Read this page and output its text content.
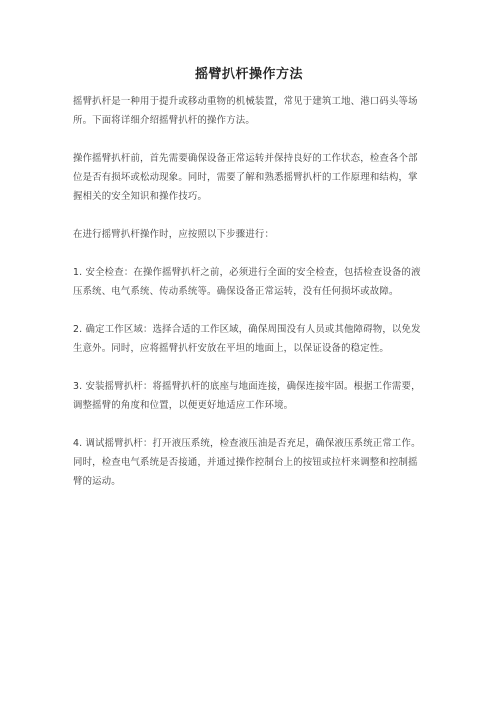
摇臂扒杆操作方法

摇臂扒杆是一种用于提升或移动重物的机械装置，常见于建筑工地、港口码头等场所。下面将详细介绍摇臂扒杆的操作方法。

操作摇臂扒杆前，首先需要确保设备正常运转并保持良好的工作状态，检查各个部位是否有损坏或松动现象。同时，需要了解和熟悉摇臂扒杆的工作原理和结构，掌握相关的安全知识和操作技巧。

在进行摇臂扒杆操作时，应按照以下步骤进行：

1. 安全检查：在操作摇臂扒杆之前，必须进行全面的安全检查，包括检查设备的液压系统、电气系统、传动系统等。确保设备正常运转，没有任何损坏或故障。

2. 确定工作区域：选择合适的工作区域，确保周围没有人员或其他障碍物，以免发生意外。同时，应将摇臂扒杆安放在平坦的地面上，以保证设备的稳定性。

3. 安装摇臂扒杆：将摇臂扒杆的底座与地面连接，确保连接牢固。根据工作需要，调整摇臂的角度和位置，以便更好地适应工作环境。

4. 调试摇臂扒杆：打开液压系统，检查液压油是否充足，确保液压系统正常工作。同时，检查电气系统是否接通，并通过操作控制台上的按钮或拉杆来调整和控制摇臂的运动。
